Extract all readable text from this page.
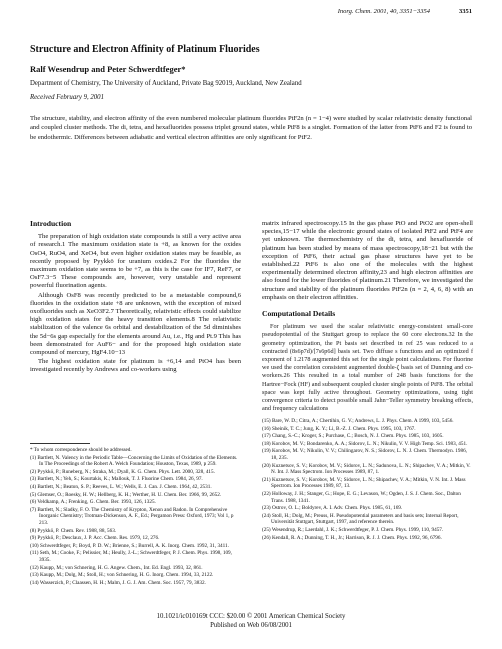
Inorg. Chem. 2001, 40, 3351−3354	3351
Structure and Electron Affinity of Platinum Fluorides
Ralf Wesendrup and Peter Schwerdtfeger*
Department of Chemistry, The University of Auckland, Private Bag 92019, Auckland, New Zealand
Received February 9, 2001
The structure, stability, and electron affinity of the even numbered molecular platinum fluorides PtF2n (n = 1−4) were studied by scalar relativistic density functional and coupled cluster methods. The di, tetra, and hexafluorides possess triplet ground states, while PtF8 is a singlet. Formation of the latter from PtF6 and F2 is found to be endothermic. Differences between adiabatic and vertical electron affinities are only significant for PtF2.
Introduction

The preparation of high oxidation state compounds is still a very active area of research.1 The maximum oxidation state is +8, as known for the oxides OsO4, RuO4, and XeO4, but even higher oxidation states may be feasible, as recently proposed by Pyykkö for uranium oxides.2 For the fluorides the maximum oxidation state seems to be +7, as this is the case for IF7, ReF7, or OsF7.3−5 These compounds are, however, very unstable and represent powerful fluorination agents.

Although OsF8 was recently predicted to be a metastable compound,6 fluorides in the oxidation state +8 are unknown, with the exception of mixed oxofluorides such as XeO3F2.7 Theoretically, relativistic effects could stabilize high oxidation states for the heavy transition elements.8 The relativistic stabilization of the valence 6s orbital and destabilization of the 5d diminishes the 5d−6s gap especially for the elements around Au, i.e., Hg and Pt.9 This has been demonstrated for AuF6− and for the proposed high oxidation state compound of mercury, HgF4.10−13

The highest oxidation state for platinum is +6,14 and PtO4 has been investigated recently by Andrews and co-workers using

matrix infrared spectroscopy.15 In the gas phase PtO and PtO2 are open-shell species,15−17 while the electronic ground states of isolated PtF2 and PtF4 are yet unknown. The thermochemistry of the di, tetra, and hexafluoride of platinum has been studied by means of mass spectroscopy,18−21 but with the exception of PtF6, their actual gas phase structures have yet to be established.22 PtF6 is also one of the molecules with the highest experimentally determined electron affinity,23 and high electron affinities are also found for the lower fluorides of platinum.21 Therefore, we investigated the structure and stability of the platinum fluorides PtF2n (n = 2, 4, 6, 8) with an emphasis on their electron affinities.

Computational Details

For platinum we used the scalar relativistic energy-consistent small-core pseudopotential of the Stuttgart group to replace the 60 core electrons.32 In the geometry optimization, the Pt basis set described in ref 25 was reduced to a contracted (8s6p7d)/[7s6p6d] basis set. Two diffuse s functions and an optimized f exponent of 1.2178 augmented this set for the single point calculations. For fluorine we used the correlation consistent augmented double-ζ basis set of Dunning and co-workers.26 This resulted in a total number of 248 basis functions for the Hartree−Fock (HF) and subsequent coupled cluster single points of PtF8. The orbital space was kept fully active throughout. Geometry optimizations, using tight convergence criteria to detect possible small Jahn−Teller symmetry breaking effects, and frequency calculations

* To whom correspondence should be addressed.

(1) Bartlett, N. Valency in the Periodic Table—Concerning the Limits of Oxidation of the Elements. In The Proceedings of the Robert A. Welch Foundation; Houston, Texas, 1989, p 259.

(2) Pyykkö, P.; Runeberg, N.; Straka, M.; Dyall, K. G. Chem. Phys. Lett. 2000, 328, 415.

(3) Bartlett, N.; Yeh, S.; Kourtakis, K.; Mallouk, T. J. Fluorine Chem. 1984, 26, 97.

(4) Bartlett, N.; Beaton, S. P.; Reeves, L. W.; Wells, E. J. Can. J. Chem. 1964, 42, 2531.

(5) Glemser, O.; Roesky, H. W.; Hellberg, K. H.; Werther, H. U. Chem. Ber. 1966, 99, 2652.

(6) Veldkamp, A.; Frenking, G. Chem. Ber. 1993, 126, 1325.

(7) Bartlett, N.; Sladky, F. O. The Chemistry of Krypton, Xenon and Radon. In Comprehensive Inorganic Chemistry; Trotman-Dickenson, A. F., Ed.; Pergamon Press: Oxford, 1973; Vol 1, p 213.

(8) Pyykkö, P. Chem. Rev. 1988, 88, 563.

(9) Pyykkö, P.; Desclaux, J. P. Acc. Chem. Res. 1979, 12, 276.

(10) Schwerdtfeger, P.; Boyd, P. D. W.; Brienne, S.; Burrell, A. K. Inorg. Chem. 1992, 31, 3411.

(11) Seth, M.; Cooke, F.; Pelissier, M.; Heully, J.-L.; Schwerdtfeger, P. J. Chem. Phys. 1998, 109, 3935.

(12) Kaupp, M.; von Schnering, H. G. Angew. Chem., Int. Ed. Engl. 1993, 32, 861.

(13) Kaupp, M.; Dolg, M.; Stoll, H.; von Schnering, H. G. Inorg. Chem. 1994, 33, 2122.

(14) Wasserzich, P.; Claassen, H. H.; Malm, J. G. J. Am. Chem. Soc. 1957, 79, 3832.

(15) Bare, W. D.; Citra, A.; Chertihin, G. V.; Andrews, L. J. Phys. Chem. A 1999, 103, 5456.

(16) Sheinik, T. C.; Jung, K. Y.; Li, B.-Z. J. Chem. Phys. 1995, 103, 1767.

(17) Chang, S.-C.; Kroger, S.; Purchase, C.; Bosch, N. J. Chem. Phys. 1985, 103, 1605.

(18) Korobov, M. V.; Bondarenko, A. A.; Sidorov, L. N.; Nikulin, V. V. High Temp. Sci. 1983, 451.

(19) Korobov, M. V.; Nikulin, V. V.; Chilingarov, N. S.; Sidorov, L. N. J. Chem. Thermodyn. 1986, 18, 235.

(20) Kuznetsov, S. V.; Korobov, M. V.; Sidorov, L. N.; Sadunova, L. N.; Shipachev, V. A.; Mitkin, V. N. Int. J. Mass Spectrom. Ion Processes 1989, 87, 1.

(21) Kuznetsov, S. V.; Korobov, M. V.; Sidorov, L. N.; Shipachev, V. A.; Mitkin, V. N. Int. J. Mass Spectrom. Ion Processes 1989, 87, 13.

(22) Holloway, J. H.; Stanger, G.; Hope, E. G.; Levason, W.; Ogden, J. S. J. Chem. Soc., Dalton Trans. 1988, 1341.

(23) Ostrov, O. L.; Boldyrev, A. I. Adv. Chem. Phys. 1985, 61, 169.

(24) Stoll, H.; Dolg, M.; Preuss, H. Pseudopotential parameters and basis sets; Internal Report, Universität Stuttgart, Stuttgart, 1997, and reference therein.

(25) Wesendrup, R.; Laerdahl, J. K.; Schwerdtfeger, P. J. Chem. Phys. 1999, 110, 9457.

(26) Kendall, R. A.; Dunning, T. H., Jr.; Harrison, R. J. J. Chem. Phys. 1992, 96, 6796.

10.1021/ic010169t CCC: $20.00 © 2001 American Chemical Society
Published on Web 06/08/2001
